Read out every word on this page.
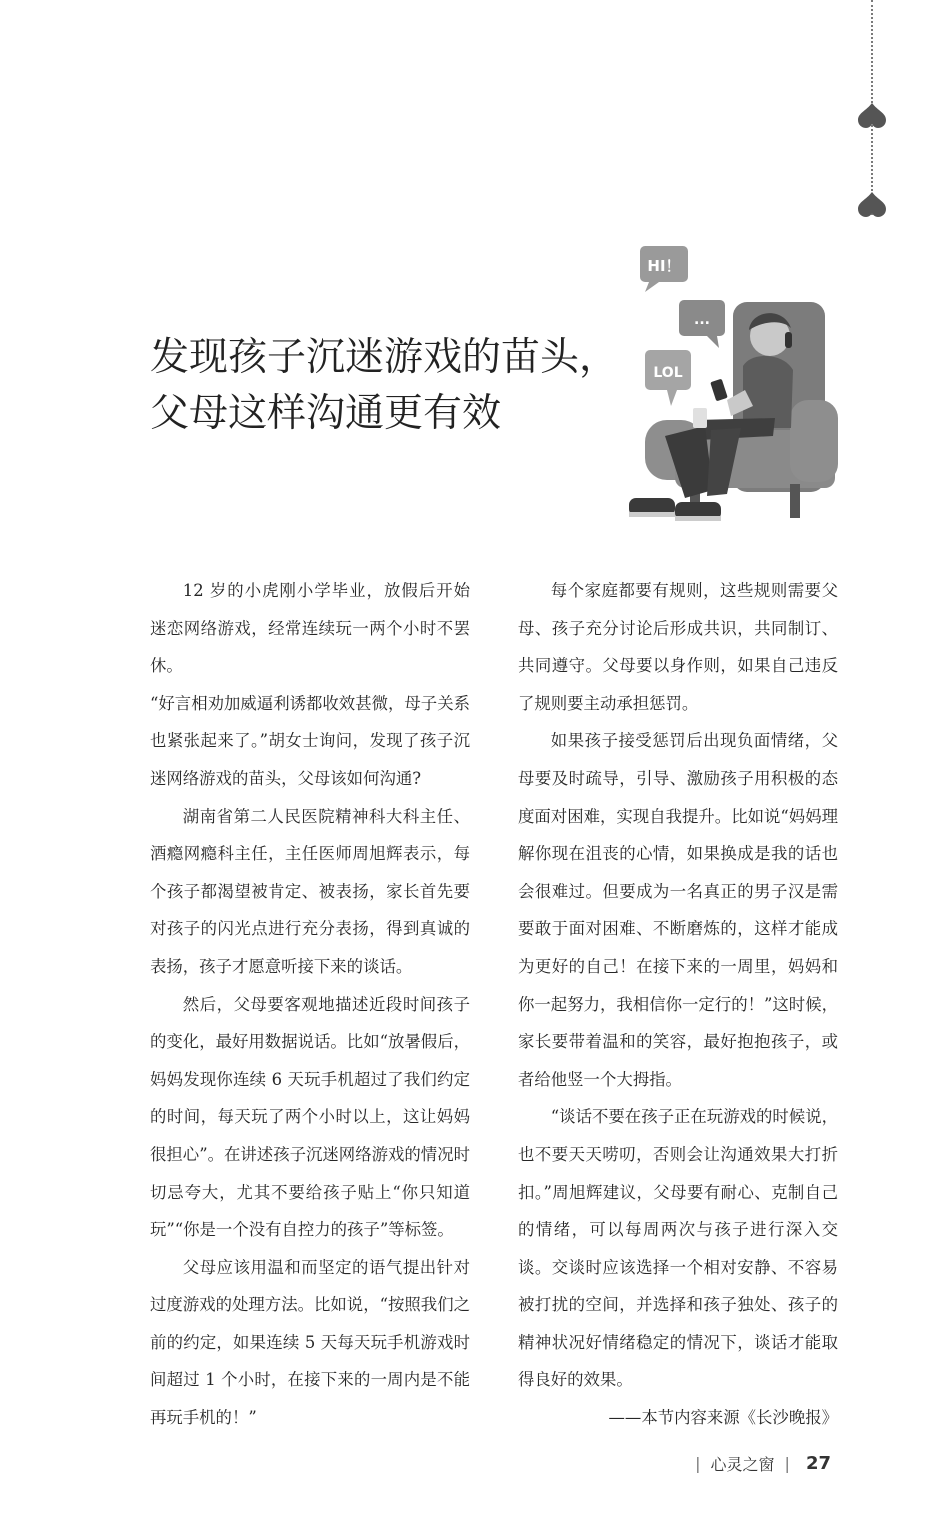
发现孩子沉迷游戏的苗头，
父母这样沟通更有效
HI！
...
LOL

12 岁的小虎刚小学毕业，放假后开始迷恋网络游戏，经常连续玩一两个小时不罢休。

“好言相劝加威逼利诱都收效甚微，母子关系也紧张起来了。”胡女士询问，发现了孩子沉迷网络游戏的苗头，父母该如何沟通?

湖南省第二人民医院精神科大科主任、酒瘾网瘾科主任，主任医师周旭辉表示，每个孩子都渴望被肯定、被表扬，家长首先要对孩子的闪光点进行充分表扬，得到真诚的表扬，孩子才愿意听接下来的谈话。

然后，父母要客观地描述近段时间孩子的变化，最好用数据说话。比如“放暑假后，妈妈发现你连续 6 天玩手机超过了我们约定的时间，每天玩了两个小时以上，这让妈妈很担心”。在讲述孩子沉迷网络游戏的情况时切忌夸大，尤其不要给孩子贴上“你只知道玩”“你是一个没有自控力的孩子”等标签。

父母应该用温和而坚定的语气提出针对过度游戏的处理方法。比如说，“按照我们之前的约定，如果连续 5 天每天玩手机游戏时间超过 1 个小时，在接下来的一周内是不能再玩手机的！”

每个家庭都要有规则，这些规则需要父母、孩子充分讨论后形成共识，共同制订、共同遵守。父母要以身作则，如果自己违反了规则要主动承担惩罚。

如果孩子接受惩罚后出现负面情绪，父母要及时疏导，引导、激励孩子用积极的态度面对困难，实现自我提升。比如说“妈妈理解你现在沮丧的心情，如果换成是我的话也会很难过。但要成为一名真正的男子汉是需要敢于面对困难、不断磨炼的，这样才能成为更好的自己！在接下来的一周里，妈妈和你一起努力，我相信你一定行的！”这时候，家长要带着温和的笑容，最好抱抱孩子，或者给他竖一个大拇指。

“谈话不要在孩子正在玩游戏的时候说，也不要天天唠叨，否则会让沟通效果大打折扣。”周旭辉建议，父母要有耐心、克制自己的情绪，可以每周两次与孩子进行深入交谈。交谈时应该选择一个相对安静、不容易被打扰的空间，并选择和孩子独处、孩子的精神状况好情绪稳定的情况下，谈话才能取得良好的效果。

——本节内容来源《长沙晚报》

| 心灵之窗 | 27
